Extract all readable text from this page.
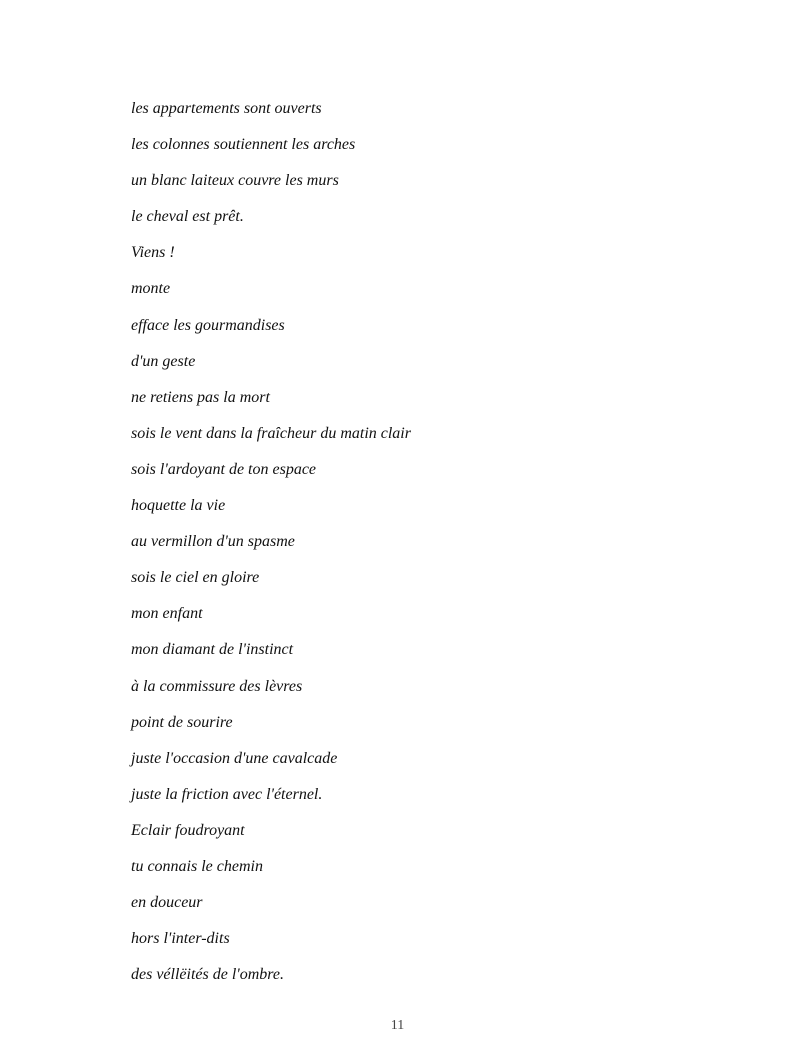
les appartements sont ouverts
les colonnes soutiennent les arches
un blanc laiteux couvre les murs
le cheval est prêt.
Viens !
monte
efface les gourmandises
d'un geste
ne retiens pas la mort
sois le vent dans la fraîcheur du matin clair
sois l'ardoyant de ton espace
hoquette la vie
au vermillon d'un spasme
sois le ciel en gloire
mon enfant
mon diamant de l'instinct
à la commissure des lèvres
point de sourire
juste l'occasion d'une cavalcade
juste la friction avec l'éternel.
Eclair foudroyant
tu connais le chemin
en douceur
hors l'inter-dits
des véllëités de l'ombre.
11
